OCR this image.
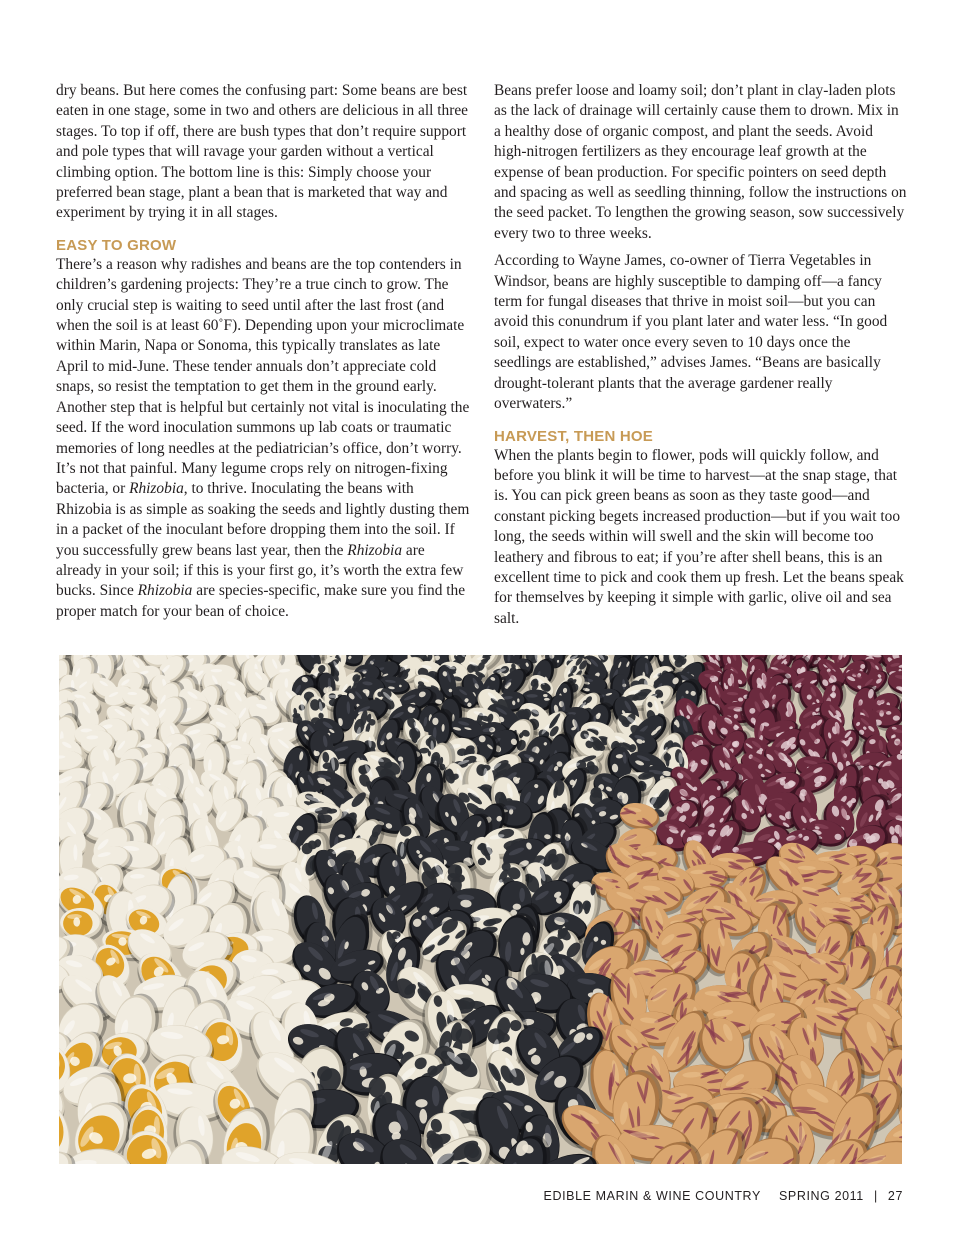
dry beans. But here comes the confusing part: Some beans are best eaten in one stage, some in two and others are delicious in all three stages. To top if off, there are bush types that don’t require support and pole types that will ravage your garden without a vertical climbing option. The bottom line is this: Simply choose your preferred bean stage, plant a bean that is marketed that way and experiment by trying it in all stages.

EASY TO GROW

There’s a reason why radishes and beans are the top contenders in children’s gardening projects: They’re a true cinch to grow. The only crucial step is waiting to seed until after the last frost (and when the soil is at least 60˚F). Depending upon your microclimate within Marin, Napa or Sonoma, this typically translates as late April to mid-June. These tender annuals don’t appreciate cold snaps, so resist the temptation to get them in the ground early. Another step that is helpful but certainly not vital is inoculating the seed. If the word inoculation summons up lab coats or traumatic memories of long needles at the pediatrician’s office, don’t worry. It’s not that painful. Many legume crops rely on nitrogen-fixing bacteria, or Rhizobia, to thrive. Inoculating the beans with Rhizobia is as simple as soaking the seeds and lightly dusting them in a packet of the inoculant before dropping them into the soil. If you successfully grew beans last year, then the Rhizobia are already in your soil; if this is your first go, it’s worth the extra few bucks. Since Rhizobia are species-specific, make sure you find the proper match for your bean of choice.

Beans prefer loose and loamy soil; don’t plant in clay-laden plots as the lack of drainage will certainly cause them to drown. Mix in a healthy dose of organic compost, and plant the seeds. Avoid high-nitrogen fertilizers as they encourage leaf growth at the expense of bean production. For specific pointers on seed depth and spacing as well as seedling thinning, follow the instructions on the seed packet. To lengthen the growing season, sow successively every two to three weeks.

According to Wayne James, co-owner of Tierra Vegetables in Windsor, beans are highly susceptible to damping off—a fancy term for fungal diseases that thrive in moist soil—but you can avoid this conundrum if you plant later and water less. “In good soil, expect to water once every seven to 10 days once the seedlings are established,” advises James. “Beans are basically drought-tolerant plants that the average gardener really overwaters.”

HARVEST, THEN HOE

When the plants begin to flower, pods will quickly follow, and before you blink it will be time to harvest—at the snap stage, that is. You can pick green beans as soon as they taste good—and constant picking begets increased production—but if you wait too long, the seeds within will swell and the skin will become too leathery and fibrous to eat; if you’re after shell beans, this is an excellent time to pick and cook them up fresh. Let the beans speak for themselves by keeping it simple with garlic, olive oil and sea salt.

EDIBLE MARIN & WINE COUNTRY SPRING 2011 | 27
